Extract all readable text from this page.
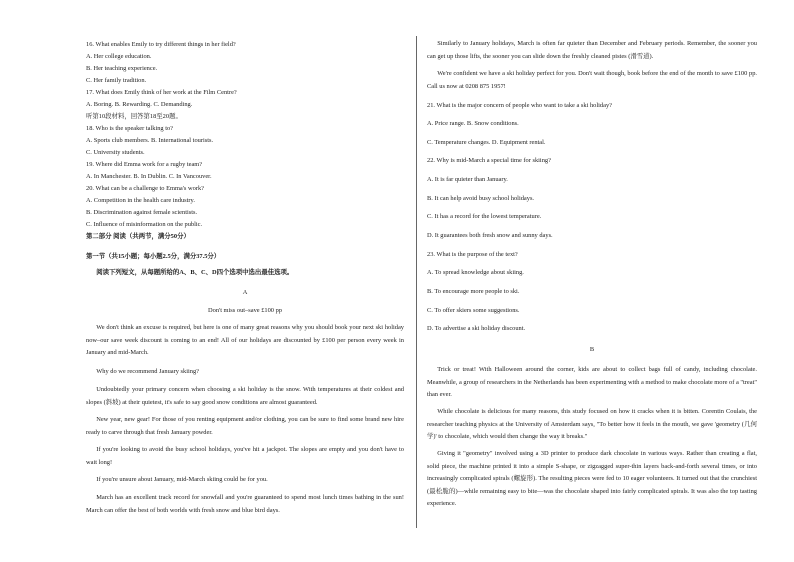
16. What enables Emily to try different things in her field?
A. Her college education.
B. Her teaching experience.
C. Her family tradition.
17. What does Emily think of her work at the Film Centre?
A. Boring. B. Rewarding. C. Demanding.
听第10段材料，回答第18至20题。
18. Who is the speaker talking to?
A. Sports club members. B. International tourists.
C. University students.
19. Where did Emma work for a rugby team?
A. In Manchester. B. In Dublin. C. In Vancouver.
20. What can be a challenge to Emma's work?
A. Competition in the health care industry.
B. Discrimination against female scientists.
C. Influence of misinformation on the public.
第二部分 阅读（共两节，满分50分）
第一节（共15小题；每小题2.5分，满分37.5分）
阅读下列短文，从每题所给的A、B、C、D四个选项中选出最佳选项。
A
Don't miss out–save £100 pp
We don't think an excuse is required, but here is one of many great reasons why you should book your next ski holiday now–our save week discount is coming to an end! All of our holidays are discounted by £100 per person every week in January and mid-March.
Why do we recommend January skiing?
Undoubtedly your primary concern when choosing a ski holiday is the snow. With temperatures at their coldest and slopes (斜坡) at their quietest, it's safe to say good snow conditions are almost guaranteed.
New year, new gear! For those of you renting equipment and/or clothing, you can be sure to find some brand new hire ready to carve through that fresh January powder.
If you're looking to avoid the busy school holidays, you've hit a jackpot. The slopes are empty and you don't have to wait long!
If you're unsure about January, mid-March skiing could be for you.
March has an excellent track record for snowfall and you're guaranteed to spend most lunch times bathing in the sun! March can offer the best of both worlds with fresh snow and blue bird days.
Similarly to January holidays, March is often far quieter than December and February periods. Remember, the sooner you can get up those lifts, the sooner you can slide down the freshly cleaned pistes (滑雪道).
We're confident we have a ski holiday perfect for you. Don't wait though, book before the end of the month to save £100 pp. Call us now at 0208 875 1957!
21. What is the major concern of people who want to take a ski holiday?
A. Price range. B. Snow conditions.
C. Temperature changes. D. Equipment rental.
22. Why is mid-March a special time for skiing?
A. It is far quieter than January.
B. It can help avoid busy school holidays.
C. It has a record for the lowest temperature.
D. It guarantees both fresh snow and sunny days.
23. What is the purpose of the text?
A. To spread knowledge about skiing.
B. To encourage more people to ski.
C. To offer skiers some suggestions.
D. To advertise a ski holiday discount.
B
Trick or treat! With Halloween around the corner, kids are about to collect bags full of candy, including chocolate. Meanwhile, a group of researchers in the Netherlands has been experimenting with a method to make chocolate more of a "treat" than ever.
While chocolate is delicious for many reasons, this study focused on how it cracks when it is bitten. Corentin Coulais, the researcher teaching physics at the University of Amsterdam says, "To better how it feels in the mouth, we gave 'geometry (几何学)' to chocolate, which would then change the way it breaks."
Giving it "geometry" involved using a 3D printer to produce dark chocolate in various ways. Rather than creating a flat, solid piece, the machine printed it into a simple S-shape, or zigzagged super-thin layers back-and-forth several times, or into increasingly complicated spirals (螺旋形). The resulting pieces were fed to 10 eager volunteers. It turned out that the crunchiest (最松脆的)—while remaining easy to bite—was the chocolate shaped into fairly complicated spirals. It was also the top tasting experience.
